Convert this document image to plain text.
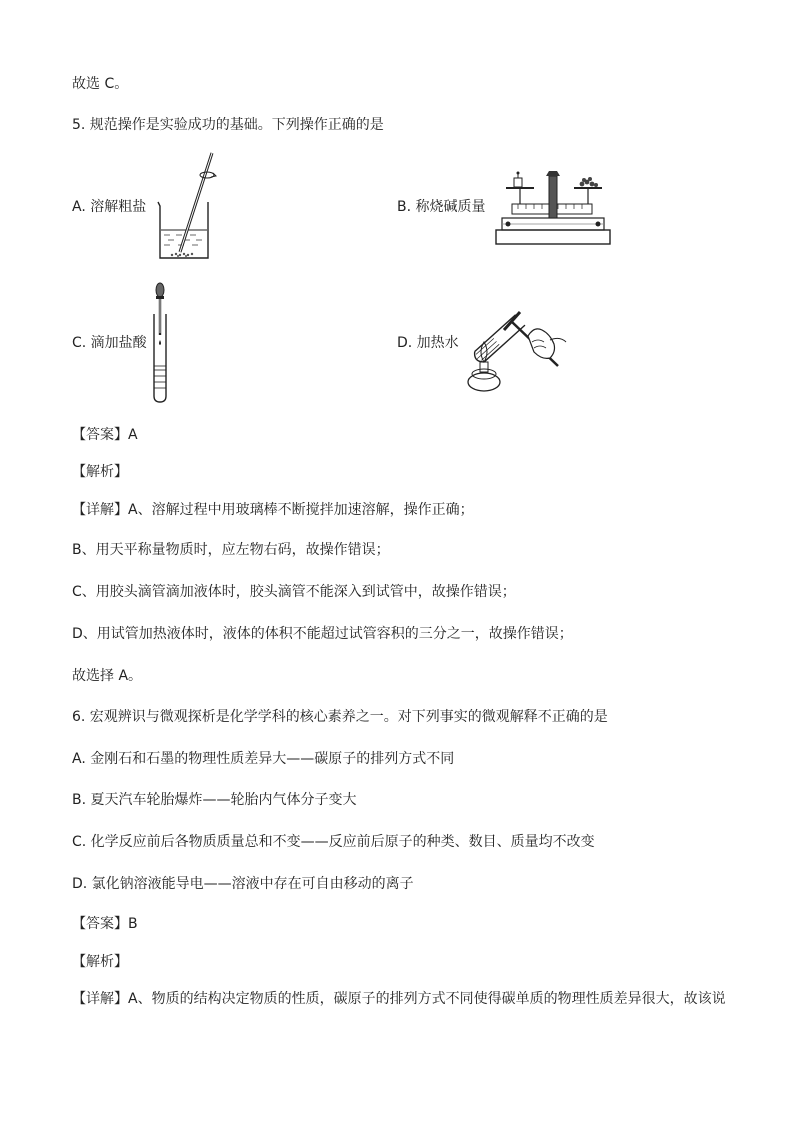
故选 C。
5. 规范操作是实验成功的基础。下列操作正确的是
A. 溶解粗盐	B. 称烧碱质量
C. 滴加盐酸	D. 加热水
【答案】A
【解析】
【详解】A、溶解过程中用玻璃棒不断搅拌加速溶解，操作正确；
B、用天平称量物质时，应左物右码，故操作错误；
C、用胶头滴管滴加液体时，胶头滴管不能深入到试管中，故操作错误；
D、用试管加热液体时，液体的体积不能超过试管容积的三分之一，故操作错误；
故选择 A。
6. 宏观辨识与微观探析是化学学科的核心素养之一。对下列事实的微观解释不正确的是
A. 金刚石和石墨的物理性质差异大——碳原子的排列方式不同
B. 夏天汽车轮胎爆炸——轮胎内气体分子变大
C. 化学反应前后各物质质量总和不变——反应前后原子的种类、数目、质量均不改变
D. 氯化钠溶液能导电——溶液中存在可自由移动的离子
【答案】B
【解析】
【详解】A、物质的结构决定物质的性质，碳原子的排列方式不同使得碳单质的物理性质差异很大，故该说
